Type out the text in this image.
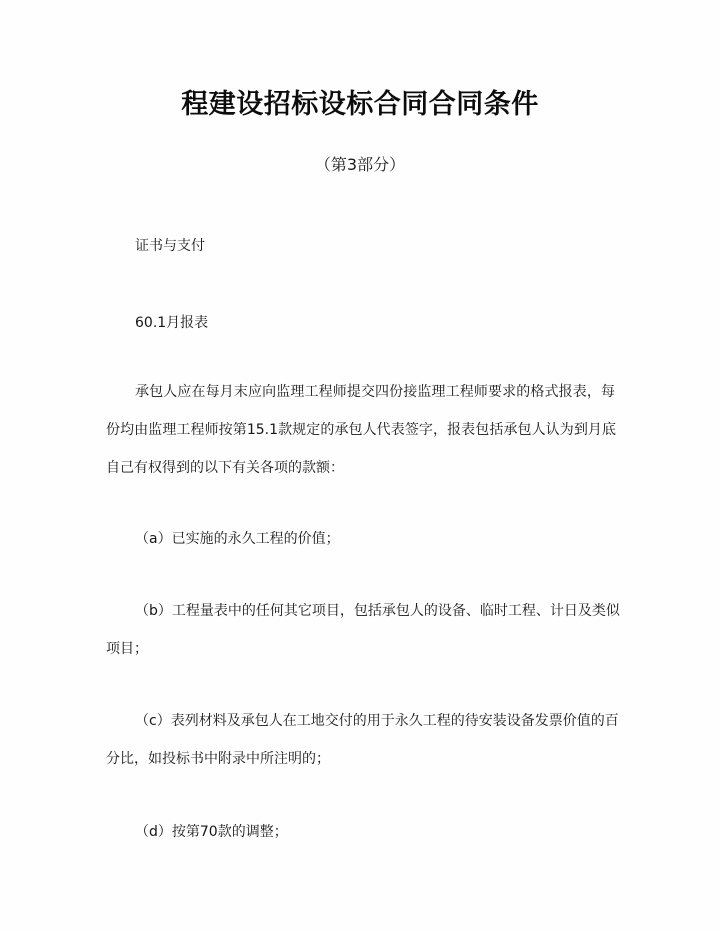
程建设招标设标合同合同条件
（第3部分）
证书与支付
60.1月报表
承包人应在每月末应向监理工程师提交四份接监理工程师要求的格式报表，每
份均由监理工程师按第15.1款规定的承包人代表签字，报表包括承包人认为到月底
自己有权得到的以下有关各项的款额：
（a）已实施的永久工程的价值；
（b）工程量表中的任何其它项目，包括承包人的设备、临时工程、计日及类似
项目；
（c）表列材料及承包人在工地交付的用于永久工程的待安装设备发票价值的百
分比，如投标书中附录中所注明的；
（d）按第70款的调整；
